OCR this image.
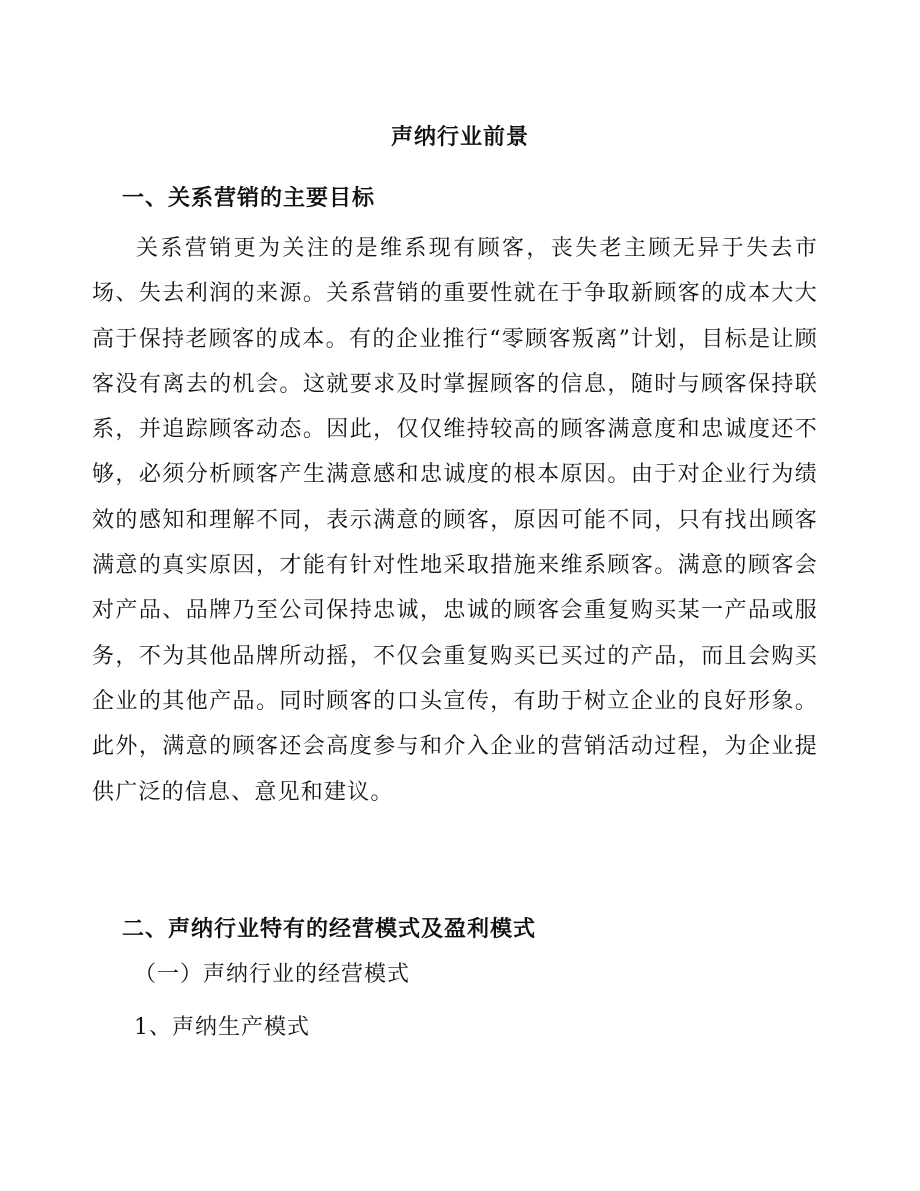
声纳行业前景
一、关系营销的主要目标

关系营销更为关注的是维系现有顾客，丧失老主顾无异于失去市场、失去利润的来源。关系营销的重要性就在于争取新顾客的成本大大高于保持老顾客的成本。有的企业推行“零顾客叛离”计划，目标是让顾客没有离去的机会。这就要求及时掌握顾客的信息，随时与顾客保持联系，并追踪顾客动态。因此，仅仅维持较高的顾客满意度和忠诚度还不够，必须分析顾客产生满意感和忠诚度的根本原因。由于对企业行为绩效的感知和理解不同，表示满意的顾客，原因可能不同，只有找出顾客满意的真实原因，才能有针对性地采取措施来维系顾客。满意的顾客会对产品、品牌乃至公司保持忠诚，忠诚的顾客会重复购买某一产品或服务，不为其他品牌所动摇，不仅会重复购买已买过的产品，而且会购买企业的其他产品。同时顾客的口头宣传，有助于树立企业的良好形象。此外，满意的顾客还会高度参与和介入企业的营销活动过程，为企业提供广泛的信息、意见和建议。

二、声纳行业特有的经营模式及盈利模式
（一）声纳行业的经营模式
1、声纳生产模式
